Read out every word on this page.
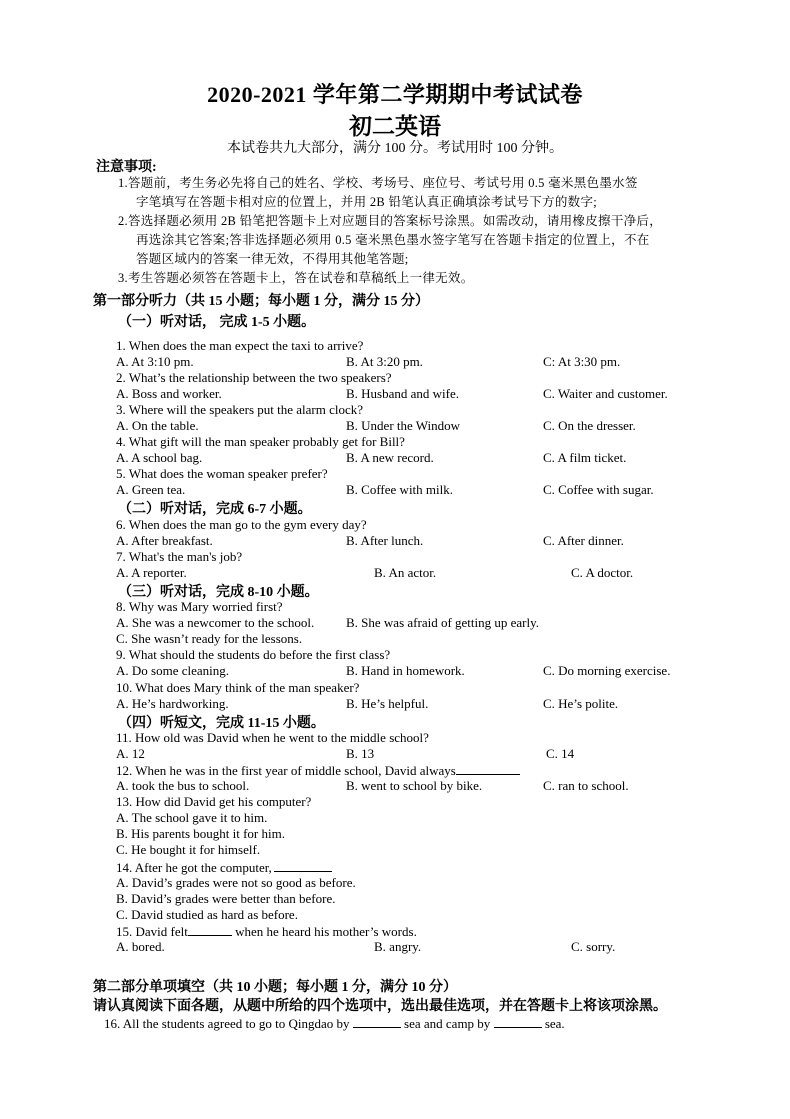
2020-2021 学年第二学期期中考试试卷
初二英语
本试卷共九大部分，满分 100 分。考试用时 100 分钟。
注意事项:
1.答题前，考生务必先将自己的姓名、学校、考场号、座位号、考试号用 0.5 毫米黑色墨水签
字笔填写在答题卡相对应的位置上，并用 2B 铅笔认真正确填涂考试号下方的数字;
2.答选择题必须用 2B 铅笔把答题卡上对应题目的答案标号涂黑。如需改动，请用橡皮擦干净后，
再选涂其它答案;答非选择题必须用 0.5 毫米黑色墨水签字笔写在答题卡指定的位置上，不在
答题区域内的答案一律无效，不得用其他笔答题;
3.考生答题必须答在答题卡上，答在试卷和草稿纸上一律无效。
第一部分听力（共 15 小题；每小题 1 分，满分 15 分）
（一）听对话， 完成 1-5 小题。
1. When does the man expect the taxi to arrive?
A. At 3:10 pm.	B. At 3:20 pm.	C: At 3:30 pm.
2. What’s the relationship between the two speakers?
A. Boss and worker.	B. Husband and wife.	C. Waiter and customer.
3. Where will the speakers put the alarm clock?
A. On the table.	B. Under the Window	C. On the dresser.
4. What gift will the man speaker probably get for Bill?
A. A school bag.	B. A new record.	C. A film ticket.
5. What does the woman speaker prefer?
A. Green tea.	B. Coffee with milk.	C. Coffee with sugar.
（二）听对话，完成 6-7 小题。
6. When does the man go to the gym every day?
A. After breakfast.	B. After lunch.	C. After dinner.
7. What's the man's job?
A. A reporter.	B. An actor.	C. A doctor.
（三）听对话，完成 8-10 小题。
8. Why was Mary worried first?
A. She was a newcomer to the school. B. She was afraid of getting up early.
C. She wasn’t ready for the lessons.
9. What should the students do before the first class?
A. Do some cleaning.	B. Hand in homework.	C. Do morning exercise.
10. What does Mary think of the man speaker?
A. He’s hardworking.	B. He’s helpful.	C. He’s polite.
（四）听短文，完成 11-15 小题。
11. How old was David when he went to the middle school?
A. 12	B. 13	C. 14
12. When he was in the first year of middle school, David always
A. took the bus to school.	B. went to school by bike.	C. ran to school.
13. How did David get his computer?
A. The school gave it to him.
B. His parents bought it for him.
C. He bought it for himself.
14. After he got the computer,
A. David’s grades were not so good as before.
B. David’s grades were better than before.
C. David studied as hard as before.
15. David felt	when he heard his mother’s words.
A. bored.	B. angry.	C. sorry.
第二部分单项填空（共 10 小题；每小题 1 分，满分 10 分）
请认真阅读下面各题，从题中所给的四个选项中，选出最佳选项，并在答题卡上将该项涂黑。
16. All the students agreed to go to Qingdao by	sea and camp by	sea.
